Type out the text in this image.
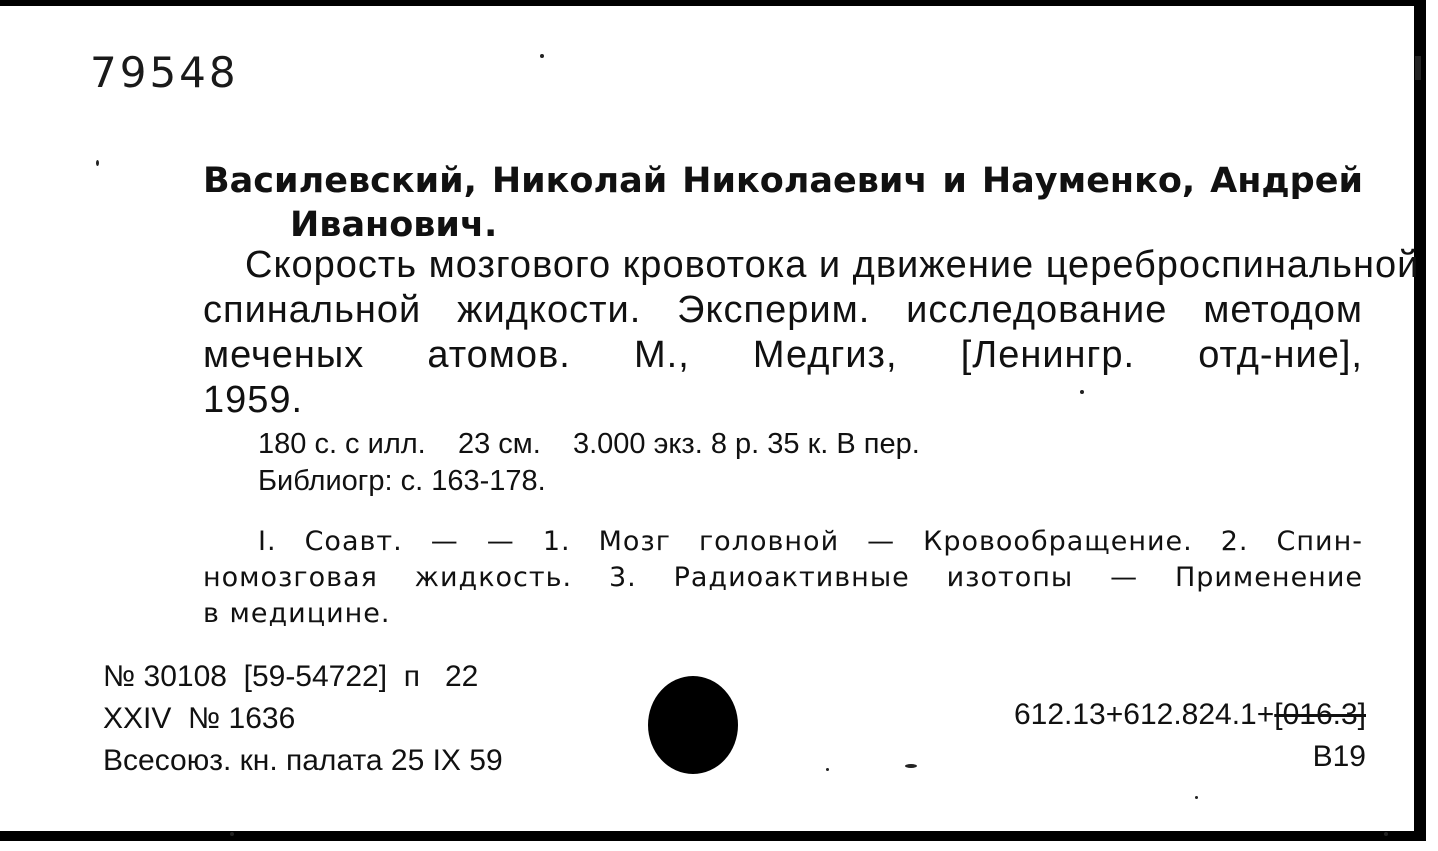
79548
Василевский, Николай Николаевич и Науменко, Андрей
Иванович.
Скорость мозгового кровотока и движение цереброспинальной
спинальной жидкости. Эксперим. исследование методом
меченых атомов. М., Медгиз, [Ленингр. отд-ние],
1959.
180 с. с илл.    23 см.    3.000 экз. 8 р. 35 к. В пер.
Библиогр: с. 163-178.
I. Соавт. — — 1. Мозг головной — Кровообращение. 2. Спин-
номозговая жидкость. 3. Радиоактивные изотопы — Применение
в медицине.
№ 30108  [59-54722]  п   22
XXIV  № 1636
Всесоюз. кн. палата 25 IX 59
612.13+612.824.1+[016.3]
В19
